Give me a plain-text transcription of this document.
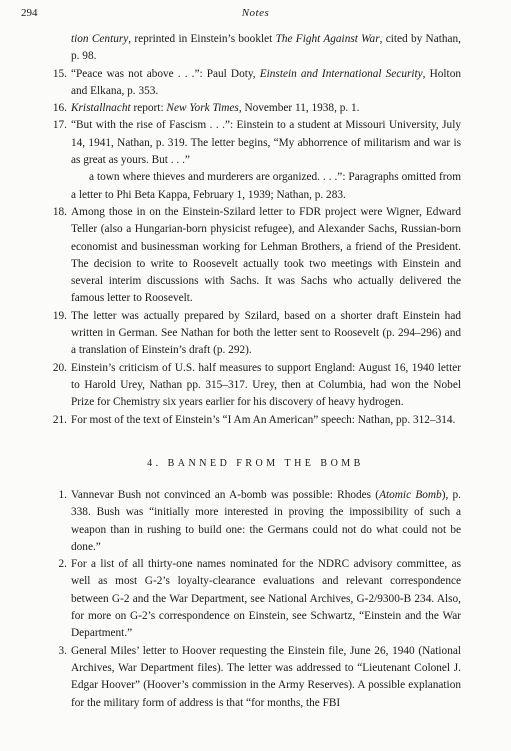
294	Notes
tion Century, reprinted in Einstein’s booklet The Fight Against War, cited by Nathan, p. 98.
15. “Peace was not above . . .”: Paul Doty, Einstein and International Security, Holton and Elkana, p. 353.
16. Kristallnacht report: New York Times, November 11, 1938, p. 1.
17. “But with the rise of Fascism . . .”: Einstein to a student at Missouri University, July 14, 1941, Nathan, p. 319. The letter begins, “My abhorrence of militarism and war is as great as yours. But . . .”
a town where thieves and murderers are organized. . . .”: Paragraphs omitted from a letter to Phi Beta Kappa, February 1, 1939; Nathan, p. 283.
18. Among those in on the Einstein-Szilard letter to FDR project were Wigner, Edward Teller (also a Hungarian-born physicist refugee), and Alexander Sachs, Russian-born economist and businessman working for Lehman Brothers, a friend of the President. The decision to write to Roosevelt actually took two meetings with Einstein and several interim discussions with Sachs. It was Sachs who actually delivered the famous letter to Roosevelt.
19. The letter was actually prepared by Szilard, based on a shorter draft Einstein had written in German. See Nathan for both the letter sent to Roosevelt (p. 294–296) and a translation of Einstein’s draft (p. 292).
20. Einstein’s criticism of U.S. half measures to support England: August 16, 1940 letter to Harold Urey, Nathan pp. 315–317. Urey, then at Columbia, had won the Nobel Prize for Chemistry six years earlier for his discovery of heavy hydrogen.
21. For most of the text of Einstein’s “I Am An American” speech: Nathan, pp. 312–314.
4. BANNED FROM THE BOMB
1. Vannevar Bush not convinced an A-bomb was possible: Rhodes (Atomic Bomb), p. 338. Bush was “initially more interested in proving the impossibility of such a weapon than in rushing to build one: the Germans could not do what could not be done.”
2. For a list of all thirty-one names nominated for the NDRC advisory committee, as well as most G-2’s loyalty-clearance evaluations and relevant correspondence between G-2 and the War Department, see National Archives, G-2/9300-B 234. Also, for more on G-2’s correspondence on Einstein, see Schwartz, “Einstein and the War Department.”
3. General Miles’ letter to Hoover requesting the Einstein file, June 26, 1940 (National Archives, War Department files). The letter was addressed to “Lieutenant Colonel J. Edgar Hoover” (Hoover’s commission in the Army Reserves). A possible explanation for the military form of address is that “for months, the FBI
